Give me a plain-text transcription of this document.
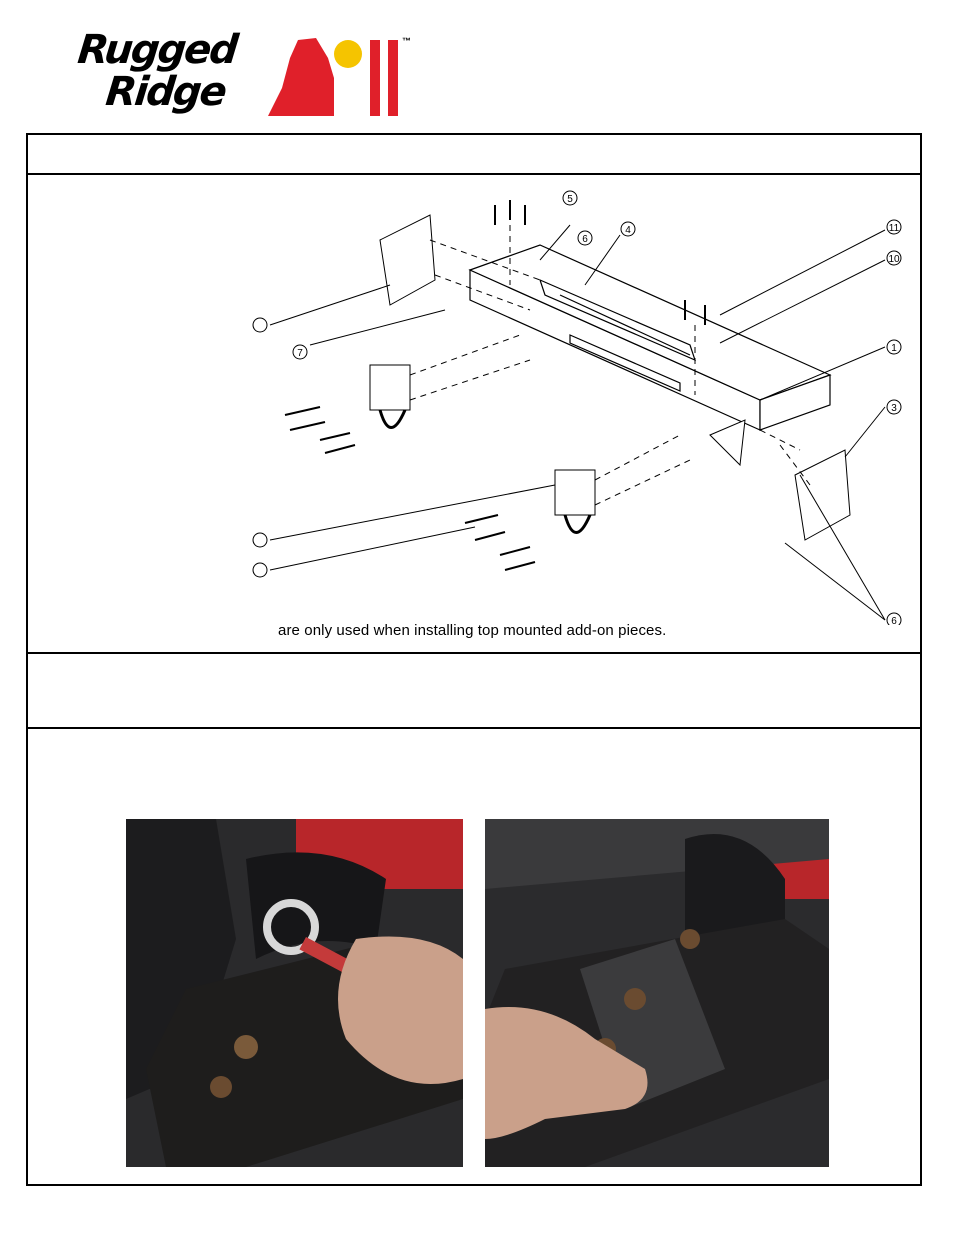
Rugged
Ridge
™
5
6
4	11
10
7	1
3
6
are only used when installing top mounted add-on pieces.
